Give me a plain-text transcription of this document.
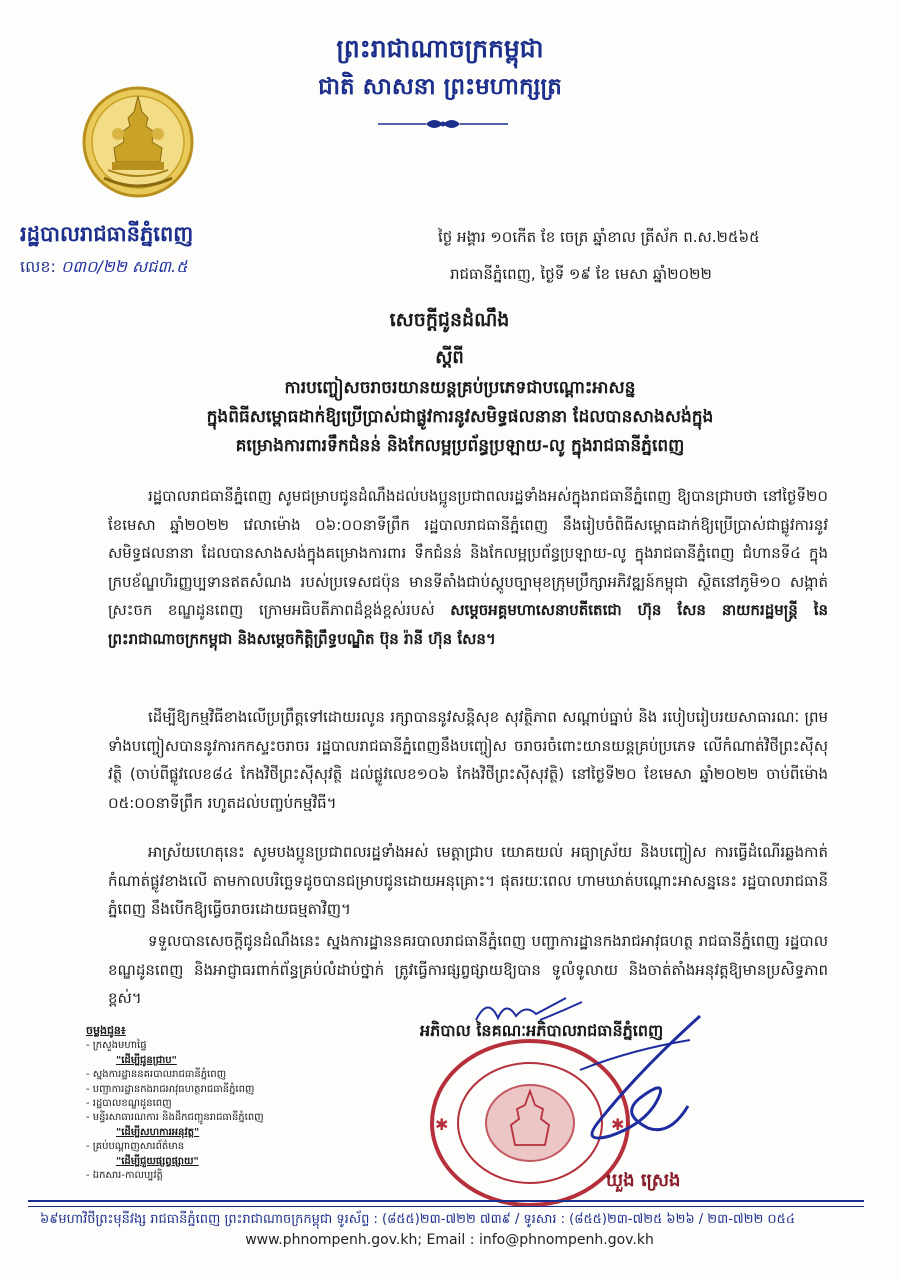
ព្រះរាជាណាចក្រកម្ពុជា
ជាតិ សាសនា ព្រះមហាក្សត្រ
រដ្ឋបាលរាជធានីភ្នំពេញ
លេខ: ០៣០/២២ សជ៣.៥
ថ្ងៃ អង្គារ ១០កើត ខែ ចេត្រ ឆ្នាំខាល ត្រីស័ក ព.ស.២៥៦៥
រាជធានីភ្នំពេញ, ថ្ងៃទី ១៩ ខែ មេសា ឆ្នាំ២០២២
សេចក្តីជូនដំណឹង
ស្តីពី
ការបញ្ចៀសចរាចរយានយន្តគ្រប់ប្រភេទជាបណ្តោះអាសន្ន
ក្នុងពិធីសម្ពោធដាក់ឱ្យប្រើប្រាស់ជាផ្លូវការនូវសមិទ្ធផលនានា ដែលបានសាងសង់ក្នុង
គម្រោងការពារទឹកជំនន់ និងកែលម្អប្រព័ន្ធប្រឡាយ-លូ ក្នុងរាជធានីភ្នំពេញ

រដ្ឋបាលរាជធានីភ្នំពេញ សូមជម្រាបជូនដំណឹងដល់បងប្អូនប្រជាពលរដ្ឋទាំងអស់ក្នុងរាជធានីភ្នំពេញ ឱ្យបានជ្រាបថា នៅថ្ងៃទី២០ ខែមេសា ឆ្នាំ២០២២ វេលាម៉ោង ០៦:០០នាទីព្រឹក រដ្ឋបាលរាជធានីភ្នំពេញ នឹងរៀបចំពិធីសម្ពោធដាក់ឱ្យប្រើប្រាស់ជាផ្លូវការនូវសមិទ្ធផលនានា ដែលបានសាងសង់ក្នុងគម្រោងការពារ ទឹកជំនន់ និងកែលម្អប្រព័ន្ធប្រឡាយ-លូ ក្នុងរាជធានីភ្នំពេញ ជំហានទី៤ ក្នុងក្របខ័ណ្ឌហិរញ្ញប្បទានឥតសំណង របស់ប្រទេសជប៉ុន មានទីតាំងជាប់ស្តូបច្បាមុខក្រុមប្រឹក្សាអភិវឌ្ឍន៍កម្ពុជា ស្ថិតនៅភូមិ១០ សង្កាត់ស្រះចក ខណ្ឌដូនពេញ ក្រោមអធិបតីភាពដ៏ខ្ពង់ខ្ពស់របស់ សម្តេចអគ្គមហាសេនាបតីតេជោ ហ៊ុន សែន នាយករដ្ឋមន្ត្រី នៃព្រះរាជាណាចក្រកម្ពុជា និងសម្តេចកិត្តិព្រឹទ្ធបណ្ឌិត ប៊ុន រ៉ានី ហ៊ុន សែន។

ដើម្បីឱ្យកម្មវិធីខាងលើប្រព្រឹត្តទៅដោយរលូន រក្សាបាននូវសន្តិសុខ សុវត្ថិភាព សណ្តាប់ធ្នាប់ និង របៀបរៀបរយសាធារណៈ ព្រមទាំងបញ្ចៀសបាននូវការកកស្ទះចរាចរ រដ្ឋបាលរាជធានីភ្នំពេញនឹងបញ្ចៀស ចរាចរចំពោះយានយន្តគ្រប់ប្រភេទ លើកំណាត់វិថីព្រះស៊ីសុវត្ថិ (ចាប់ពីផ្លូវលេខ៨៤ កែងវិថីព្រះស៊ីសុវត្ថិ ដល់ផ្លូវលេខ១០៦ កែងវិថីព្រះស៊ីសុវត្ថិ) នៅថ្ងៃទី២០ ខែមេសា ឆ្នាំ២០២២ ចាប់ពីម៉ោង ០៥:០០នាទីព្រឹក រហូតដល់បញ្ចប់កម្មវិធី។

អាស្រ័យហេតុនេះ សូមបងប្អូនប្រជាពលរដ្ឋទាំងអស់ មេត្តាជ្រាប យោគយល់ អធ្យាស្រ័យ និងបញ្ចៀស ការធ្វើដំណើរឆ្លងកាត់កំណាត់ផ្លូវខាងលើ តាមកាលបរិច្ឆេទដូចបានជម្រាបជូនដោយអនុគ្រោះ។ ផុតរយៈពេល ហាមឃាត់បណ្តោះអាសន្ននេះ រដ្ឋបាលរាជធានីភ្នំពេញ នឹងបើកឱ្យធ្វើចរាចរដោយធម្មតាវិញ។

ទទួលបានសេចក្តីជូនដំណឹងនេះ ស្នងការដ្ឋាននគរបាលរាជធានីភ្នំពេញ បញ្ជាការដ្ឋានកងរាជអាវុធហត្ថ រាជធានីភ្នំពេញ រដ្ឋបាលខណ្ឌដូនពេញ និងអាជ្ញាធរពាក់ព័ន្ធគ្រប់លំដាប់ថ្នាក់ ត្រូវធ្វើការផ្សព្វផ្សាយឱ្យបាន ទូលំទូលាយ និងចាត់តាំងអនុវត្តឱ្យមានប្រសិទ្ធភាពខ្ពស់។

អភិបាល នៃគណៈអភិបាលរាជធានីភ្នំពេញ
✱	✱
ឃួង ស្រេង
ចម្លងជូន៖
- ក្រសួងមហាផ្ទៃ
"ដើម្បីជូនជ្រាប"
- ស្នងការដ្ឋាននគរបាលរាជធានីភ្នំពេញ
- បញ្ជាការដ្ឋានកងរាជអាវុធហត្ថរាជធានីភ្នំពេញ
- រដ្ឋបាលខណ្ឌដូនពេញ
- មន្ទីរសាធារណការ និងដឹកជញ្ជូនរាជធានីភ្នំពេញ
"ដើម្បីសហការអនុវត្ត"
- គ្រប់បណ្តាញសារព័ត៌មាន
"ដើម្បីជួយផ្សព្វផ្សាយ"
- ឯកសារ-កាលប្បវត្តិ
៦៩មហាវិថីព្រះមុនីវង្ស រាជធានីភ្នំពេញ ព្រះរាជាណាចក្រកម្ពុជា ទូរស័ព្ទ : (៨៥៥)២៣-៧២២ ៧៣៩ / ទូរសារ : (៨៥៥)២៣-៧២៥ ៦២៦ / ២៣-៧២២ ០៥៤
www.phnompenh.gov.kh; Email : info@phnompenh.gov.kh
